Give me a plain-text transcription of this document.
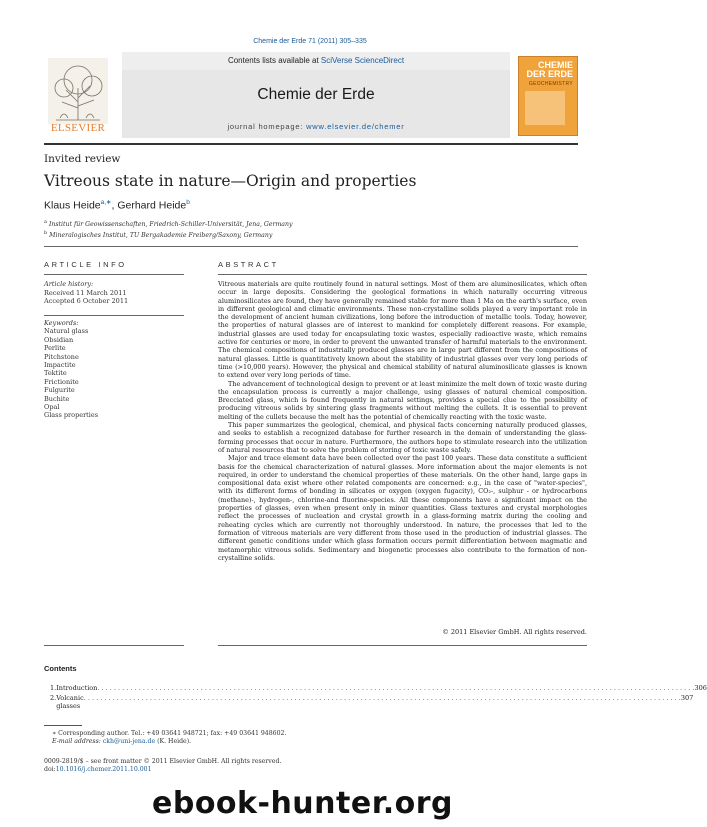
Chemie der Erde 71 (2011) 305–335
ELSEVIER
Contents lists available at SciVerse ScienceDirect
Chemie der Erde
journal homepage: www.elsevier.de/chemer
CHEMIE DER ERDE
GEOCHEMISTRY
Invited review
Vitreous state in nature—Origin and properties
Klaus Heide$^{a,∗}$, Gerhard Heide$^b$
$^a$ Institut für Geowissenschaften, Friedrich-Schiller-Universität, Jena, Germany
$^b$ Mineralogisches Institut, TU Bergakademie Freiberg/Saxony, Germany
ARTICLE INFO
Article history:
Received 11 March 2011
Accepted 6 October 2011
Keywords:
Natural glass
Obsidian
Perlite
Pitchstone
Impactite
Tektite
Frictionite
Fulgurite
Buchite
Opal
Glass properties
ABSTRACT

Vitreous materials are quite routinely found in natural settings. Most of them are aluminosilicates, which often occur in large deposits. Considering the geological formations in which naturally occurring vitreous aluminosilicates are found, they have generally remained stable for more than 1 Ma on the earth's surface, even in different geological and climatic environments. These non-crystalline solids played a very important role in the development of ancient human civilizations, long before the introduction of metallic tools. Today, however, the properties of natural glasses are of interest to mankind for completely different reasons. For example, industrial glasses are used today for encapsulating toxic wastes, especially radioactive waste, which remains active for centuries or more, in order to prevent the unwanted transfer of harmful materials to the environment. The chemical compositions of industrially produced glasses are in large part different from the compositions of natural glasses. Little is quantitatively known about the stability of industrial glasses over very long periods of time (>10,000 years). However, the physical and chemical stability of natural aluminosilicate glasses is known to extend over very long periods of time.

The advancement of technological design to prevent or at least minimize the melt down of toxic waste during the encapsulation process is currently a major challenge, using glasses of natural chemical composition. Brecciated glass, which is found frequently in natural settings, provides a special clue to the possibility of producing vitreous solids by sintering glass fragments without melting the cullets. It is essential to prevent melting of the cullets because the melt has the potential of chemically reacting with the toxic waste.

This paper summarizes the geological, chemical, and physical facts concerning naturally produced glasses, and seeks to establish a recognized database for further research in the domain of understanding the glass-forming processes that occur in nature. Furthermore, the authors hope to stimulate research into the utilization of natural resources that to solve the problem of storing of toxic waste safely.

Major and trace element data have been collected over the past 100 years. These data constitute a sufficient basis for the chemical characterization of natural glasses. More information about the major elements is not required, in order to understand the chemical properties of these materials. On the other hand, large gaps in compositional data exist where other related components are concerned: e.g., in the case of "water-species", with its different forms of bonding in silicates or oxygen (oxygen fugacity), CO₂-, sulphur - or hydrocarbons (methane)-, hydrogen-, chlorine-and fluorine-species. All these components have a significant impact on the properties of glasses, even when present only in minor quantities. Glass textures and crystal morphologies reflect the processes of nucleation and crystal growth in a glass-forming matrix during the cooling and reheating cycles which are currently not thoroughly understood. In nature, the processes that led to the formation of vitreous materials are very different from those used in the production of industrial glasses. The different genetic conditions under which glass formation occurs permit differentiation between magmatic and metamorphic vitreous solids. Sedimentary and biogenetic processes also contribute to the formation of non-crystalline solids.

© 2011 Elsevier GmbH. All rights reserved.
Contents
1. Introduction . . . . . . . . . . . . . . . . . . . . . . . . . . . . . . . . . . . . . . . . . . . . . . . . . . . . . . . . . . . . . . . . . . . . . . . . . . . . . . . . . . . . . . . . . . . . . . . . . . . . . . . . . . . . . . . . . . . . . . . . . . . . . . . . . . . . . . . . . . . . . . . . . 306
2. Volcanic glasses
. . . . . . . . . . . . . . . . . . . . . . . . . . . . . . . . . . . . . . . . . . . . . . . . . . . . . . . . . . . . . . . . . . . . . . . . . . . . . . . . . . . . . . . . . . . . . . . . . . . . . . . . . . . . . . . . . . . . . . . . . . . . . . . . . . . . . . . . . . . . . . . . . 307
∗ Corresponding author. Tel.: +49 03641 948721; fax: +49 03641 948602.
E-mail address: ckh@uni-jena.de (K. Heide).
0009-2819/$ – see front matter © 2011 Elsevier GmbH. All rights reserved.
doi:10.1016/j.chemer.2011.10.001
ebook-hunter.org
